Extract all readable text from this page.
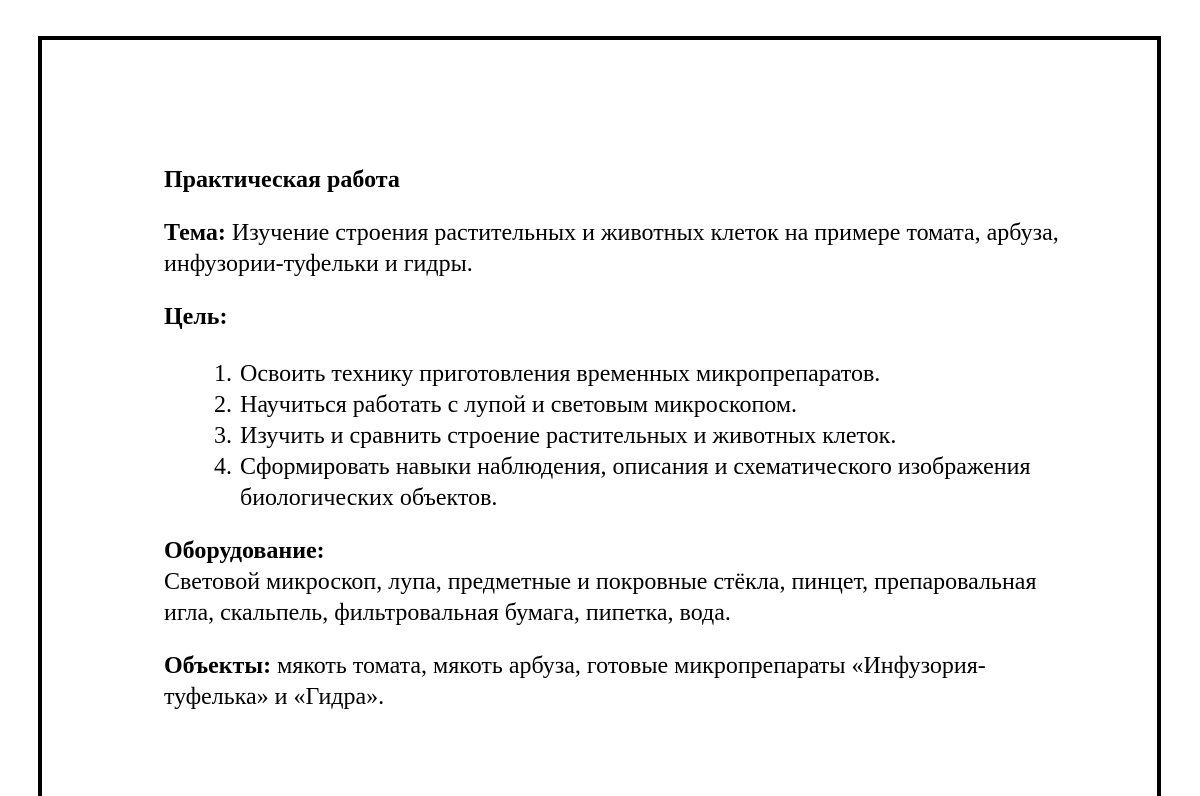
Практическая работа

Тема: Изучение строения растительных и животных клеток на примере томата, арбуза, инфузории-туфельки и гидры.

Цель:

1. Освоить технику приготовления временных микропрепаратов.
2. Научиться работать с лупой и световым микроскопом.
3. Изучить и сравнить строение растительных и животных клеток.
4. Сформировать навыки наблюдения, описания и схематического изображения биологических объектов.
Оборудование:
Световой микроскоп, лупа, предметные и покровные стёкла, пинцет, препаровальная игла, скальпель, фильтровальная бумага, пипетка, вода.

Объекты: мякоть томата, мякоть арбуза, готовые микропрепараты «Инфузория-туфелька» и «Гидра».
